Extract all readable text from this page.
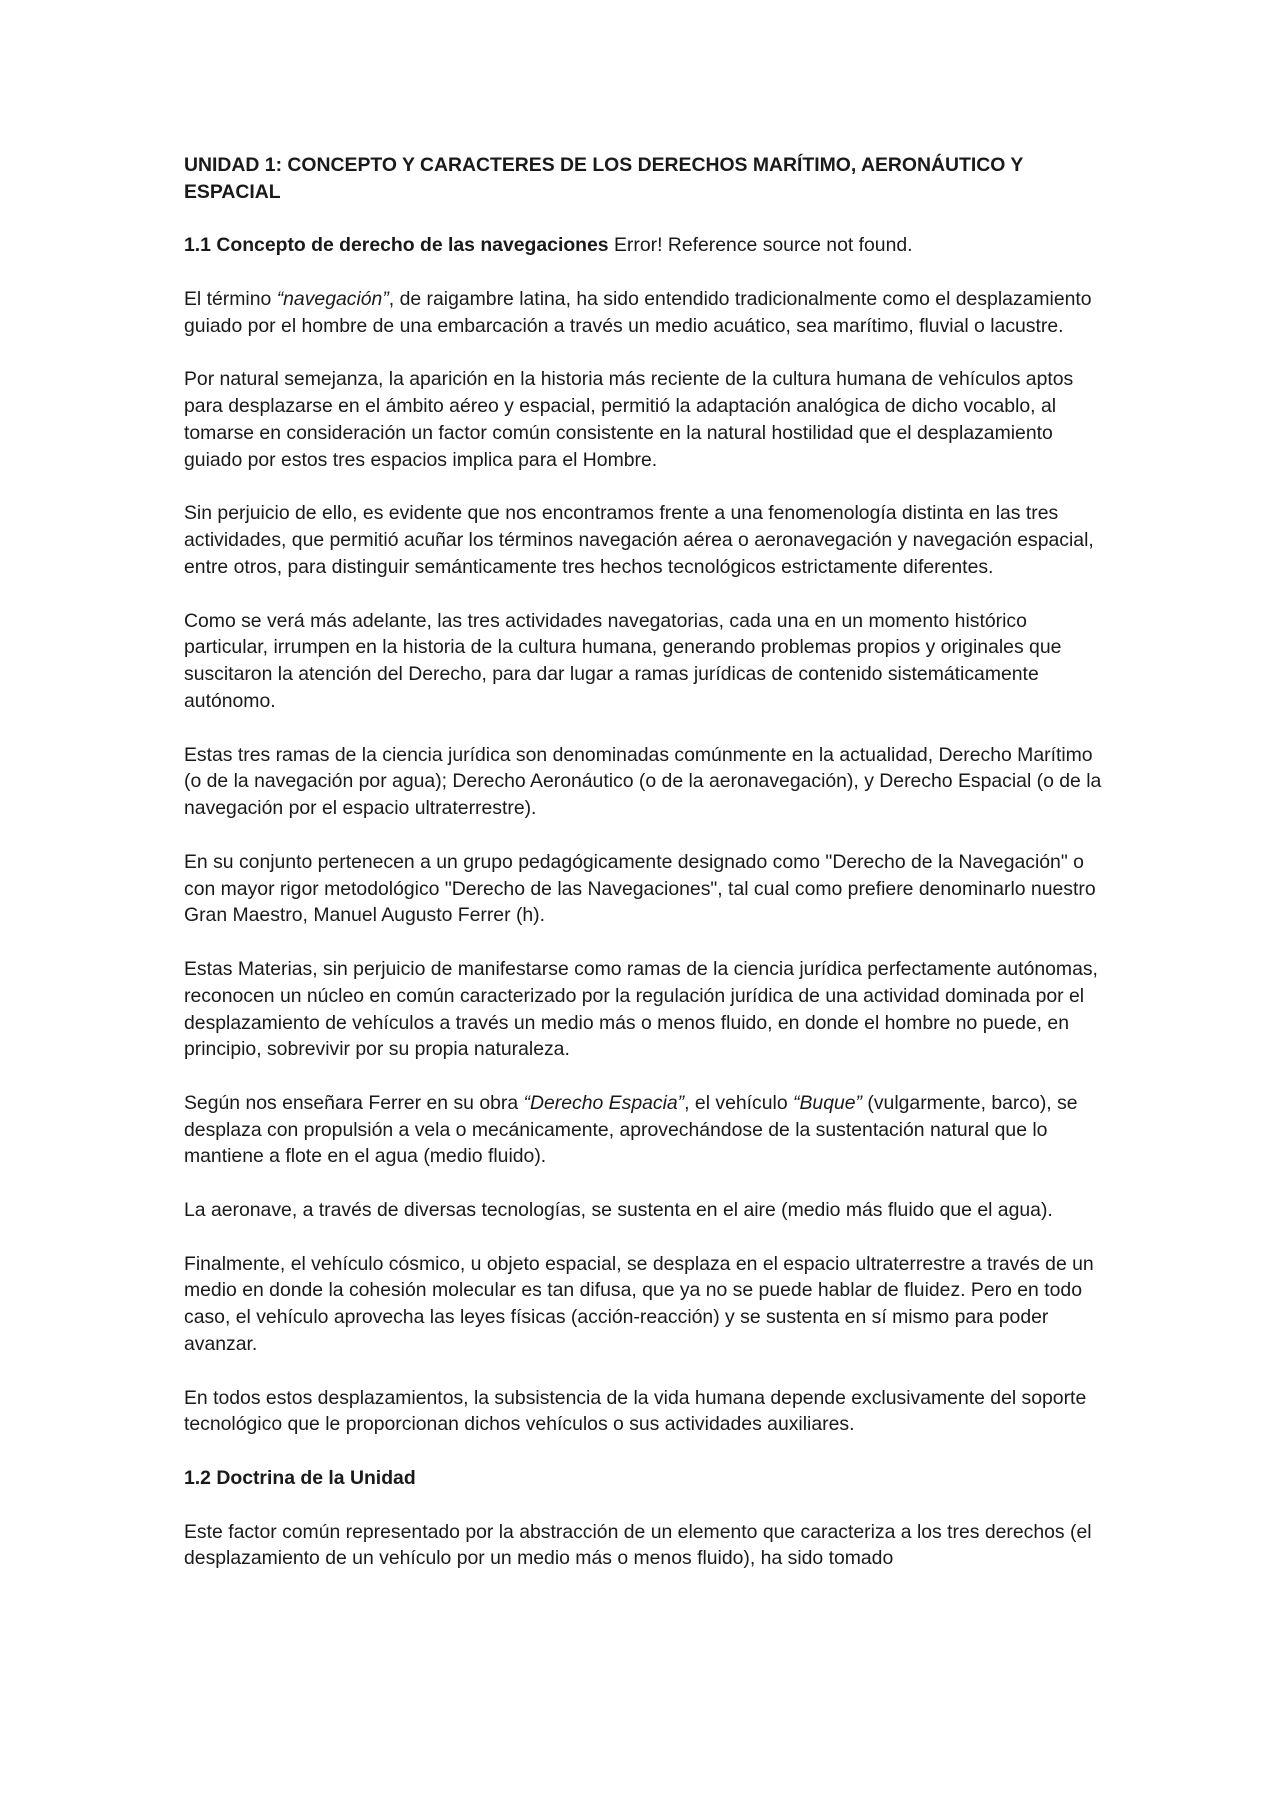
UNIDAD 1: CONCEPTO Y CARACTERES DE LOS DERECHOS MARÍTIMO, AERONÁUTICO Y ESPACIAL

1.1 Concepto de derecho de las navegaciones Error! Reference source not found.

El término “navegación”, de raigambre latina, ha sido entendido tradicionalmente como el desplazamiento guiado por el hombre de una embarcación a través un medio acuático, sea marítimo, fluvial o lacustre.

Por natural semejanza, la aparición en la historia más reciente de la cultura humana de vehículos aptos para desplazarse en el ámbito aéreo y espacial, permitió la adaptación analógica de dicho vocablo, al tomarse en consideración un factor común consistente en la natural hostilidad que el desplazamiento guiado por estos tres espacios implica para el Hombre.

Sin perjuicio de ello, es evidente que nos encontramos frente a una fenomenología distinta en las tres actividades, que permitió acuñar los términos navegación aérea o aeronavegación y navegación espacial, entre otros, para distinguir semánticamente tres hechos tecnológicos estrictamente diferentes.

Como se verá más adelante, las tres actividades navegatorias, cada una en un momento histórico particular, irrumpen en la historia de la cultura humana, generando problemas propios y originales que suscitaron la atención del Derecho, para dar lugar a ramas jurídicas de contenido sistemáticamente autónomo.

Estas tres ramas de la ciencia jurídica son denominadas comúnmente en la actualidad, Derecho Marítimo (o de la navegación por agua); Derecho Aeronáutico (o de la aeronavegación), y Derecho Espacial (o de la navegación por el espacio ultraterrestre).

En su conjunto pertenecen a un grupo pedagógicamente designado como "Derecho de la Navegación" o con mayor rigor metodológico "Derecho de las Navegaciones", tal cual como prefiere denominarlo nuestro Gran Maestro, Manuel Augusto Ferrer (h).

Estas Materias, sin perjuicio de manifestarse como ramas de la ciencia jurídica perfectamente autónomas, reconocen un núcleo en común caracterizado por la regulación jurídica de una actividad dominada por el desplazamiento de vehículos a través un medio más o menos fluido, en donde el hombre no puede, en principio, sobrevivir por su propia naturaleza.

Según nos enseñara Ferrer en su obra “Derecho Espacia”, el vehículo “Buque” (vulgarmente, barco), se desplaza con propulsión a vela o mecánicamente, aprovechándose de la sustentación natural que lo mantiene a flote en el agua (medio fluido).

La aeronave, a través de diversas tecnologías, se sustenta en el aire (medio más fluido que el agua).

Finalmente, el vehículo cósmico, u objeto espacial, se desplaza en el espacio ultraterrestre a través de un medio en donde la cohesión molecular es tan difusa, que ya no se puede hablar de fluidez. Pero en todo caso, el vehículo aprovecha las leyes físicas (acción-reacción) y se sustenta en sí mismo para poder avanzar.

En todos estos desplazamientos, la subsistencia de la vida humana depende exclusivamente del soporte tecnológico que le proporcionan dichos vehículos o sus actividades auxiliares.

1.2 Doctrina de la Unidad

Este factor común representado por la abstracción de un elemento que caracteriza a los tres derechos (el desplazamiento de un vehículo por un medio más o menos fluido), ha sido tomado
